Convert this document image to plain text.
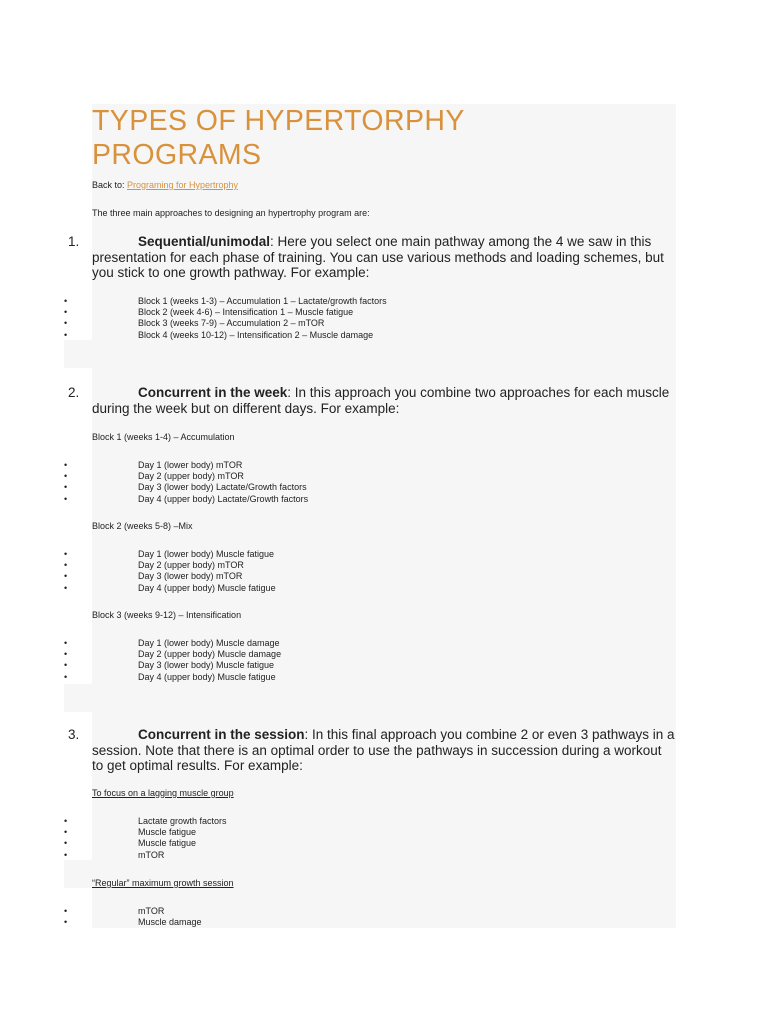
TYPES OF HYPERTORPHY
PROGRAMS
Back to: Programing for Hypertrophy
The three main approaches to designing an hypertrophy program are:
1.	Sequential/unimodal: Here you select one main pathway among the 4 we saw in this
presentation for each phase of training. You can use various methods and loading schemes, but
you stick to one growth pathway. For example:
•	Block 1 (weeks 1-3) – Accumulation 1 – Lactate/growth factors
•	Block 2 (week 4-6) – Intensification 1 – Muscle fatigue
•	Block 3 (weeks 7-9) – Accumulation 2 – mTOR
•	Block 4 (weeks 10-12) – Intensification 2 – Muscle damage
2.	Concurrent in the week: In this approach you combine two approaches for each muscle
during the week but on different days. For example:
Block 1 (weeks 1-4) – Accumulation
•	Day 1 (lower body) mTOR
•	Day 2 (upper body) mTOR
•	Day 3 (lower body) Lactate/Growth factors
•	Day 4 (upper body) Lactate/Growth factors
Block 2 (weeks 5-8) –Mix
•	Day 1 (lower body) Muscle fatigue
•	Day 2 (upper body) mTOR
•	Day 3 (lower body) mTOR
•	Day 4 (upper body) Muscle fatigue
Block 3 (weeks 9-12) – Intensification
•	Day 1 (lower body) Muscle damage
•	Day 2 (upper body) Muscle damage
•	Day 3 (lower body) Muscle fatigue
•	Day 4 (upper body) Muscle fatigue
3.	Concurrent in the session: In this final approach you combine 2 or even 3 pathways in a
session. Note that there is an optimal order to use the pathways in succession during a workout
to get optimal results. For example:
To focus on a lagging muscle group
•	Lactate growth factors
•	Muscle fatigue
•	Muscle fatigue
•	mTOR
“Regular” maximum growth session
•	mTOR
•	Muscle damage
